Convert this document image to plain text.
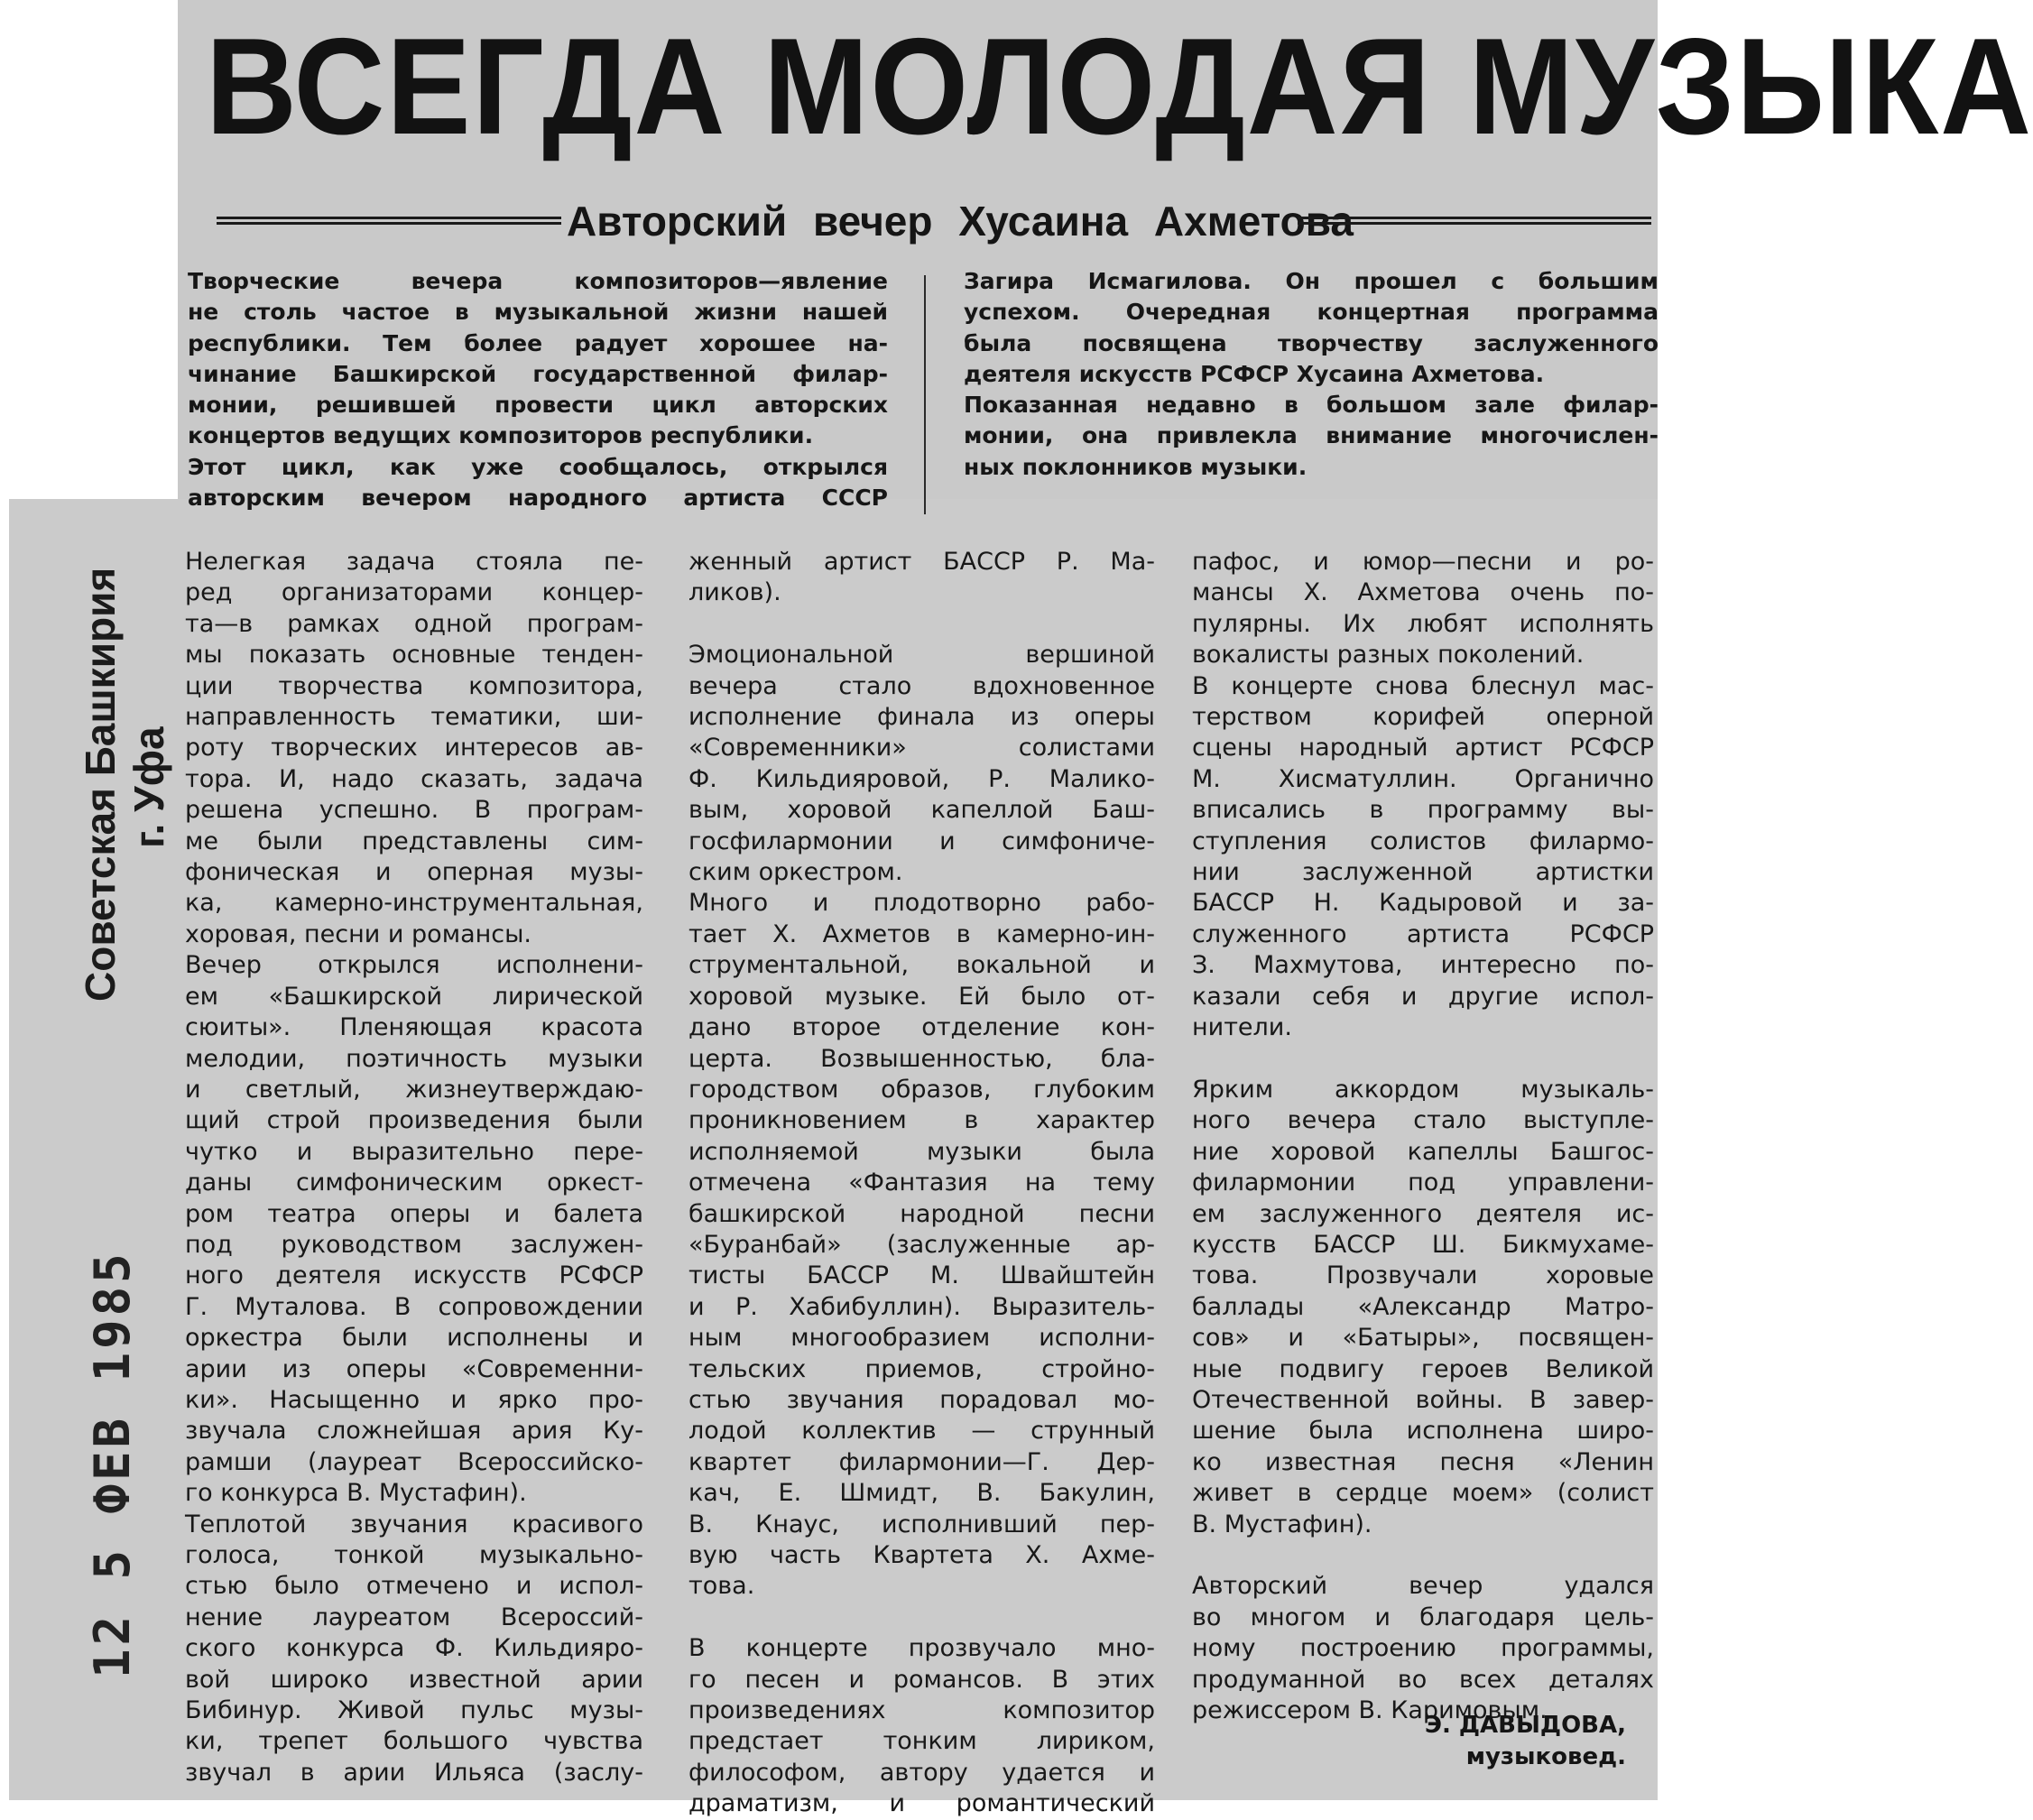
ВСЕГДА МОЛОДАЯ МУЗЫКА
Авторский вечер Хусаина Ахметова
Творческие вечера композиторов—явление
не столь частое в музыкальной жизни нашей
республики. Тем более радует хорошее на-
чинание Башкирской государственной филар-
монии, решившей провести цикл авторских
концертов ведущих композиторов республики.
Этот цикл, как уже сообщалось, открылся
авторским вечером народного артиста СССР
Загира Исмагилова. Он прошел с большим
успехом. Очередная концертная программа
была посвящена творчеству заслуженного
деятеля искусств РСФСР Хусаина Ахметова.
Показанная недавно в большом зале филар-
монии, она привлекла внимание многочислен-
ных поклонников музыки.
Нелегкая задача стояла пе-
ред организаторами концер-
та—в рамках одной програм-
мы показать основные тенден-
ции творчества композитора,
направленность тематики, ши-
роту творческих интересов ав-
тора. И, надо сказать, задача
решена успешно. В програм-
ме были представлены сим-
фоническая и оперная музы-
ка, камерно-инструментальная,
хоровая, песни и романсы.
Вечер открылся исполнени-
ем «Башкирской лирической
сюиты». Пленяющая красота
мелодии, поэтичность музыки
и светлый, жизнеутверждаю-
щий строй произведения были
чутко и выразительно пере-
даны симфоническим оркест-
ром театра оперы и балета
под руководством заслужен-
ного деятеля искусств РСФСР
Г. Муталова. В сопровождении
оркестра были исполнены и
арии из оперы «Современни-
ки». Насыщенно и ярко про-
звучала сложнейшая ария Ку-
рамши (лауреат Всероссийско-
го конкурса В. Мустафин).
Теплотой звучания красивого
голоса, тонкой музыкально-
стью было отмечено и испол-
нение лауреатом Всероссий-
ского конкурса Ф. Кильдияро-
вой широко известной арии
Бибинур. Живой пульс музы-
ки, трепет большого чувства
звучал в арии Ильяса (заслу-
женный артист БАССР Р. Ма-
ликов).

Эмоциональной вершиной
вечера стало вдохновенное
исполнение финала из оперы
«Современники» солистами
Ф. Кильдияровой, Р. Малико-
вым, хоровой капеллой Баш-
госфилармонии и симфониче-
ским оркестром.
Много и плодотворно рабо-
тает Х. Ахметов в камерно-ин-
струментальной, вокальной и
хоровой музыке. Ей было от-
дано второе отделение кон-
церта. Возвышенностью, бла-
городством образов, глубоким
проникновением в характер
исполняемой музыки была
отмечена «Фантазия на тему
башкирской народной песни
«Буранбай» (заслуженные ар-
тисты БАССР М. Швайштейн
и Р. Хабибуллин). Выразитель-
ным многообразием исполни-
тельских приемов, стройно-
стью звучания порадовал мо-
лодой коллектив — струнный
квартет филармонии—Г. Дер-
кач, Е. Шмидт, В. Бакулин,
В. Кнаус, исполнивший пер-
вую часть Квартета Х. Ахме-
това.

В концерте прозвучало мно-
го песен и романсов. В этих
произведениях композитор
предстает тонким лириком,
философом, автору удается и
драматизм, и романтический
пафос, и юмор—песни и ро-
мансы Х. Ахметова очень по-
пулярны. Их любят исполнять
вокалисты разных поколений.
В концерте снова блеснул мас-
терством корифей оперной
сцены народный артист РСФСР
М. Хисматуллин. Органично
вписались в программу вы-
ступления солистов филармо-
нии заслуженной артистки
БАССР Н. Кадыровой и за-
служенного артиста РСФСР
З. Махмутова, интересно по-
казали себя и другие испол-
нители.

Ярким аккордом музыкаль-
ного вечера стало выступле-
ние хоровой капеллы Башгос-
филармонии под управлени-
ем заслуженного деятеля ис-
кусств БАССР Ш. Бикмухаме-
това. Прозвучали хоровые
баллады «Александр Матро-
сов» и «Батыры», посвящен-
ные подвигу героев Великой
Отечественной войны. В завер-
шение была исполнена широ-
ко известная песня «Ленин
живет в сердце моем» (солист
В. Мустафин).

Авторский вечер удался
во многом и благодаря цель-
ному построению программы,
продуманной во всех деталях
режиссером В. Каримовым.
Э. ДАВЫДОВА,
музыковед.
Советская Башкирия г. Уфа
12 5 ФЕВ 1985
